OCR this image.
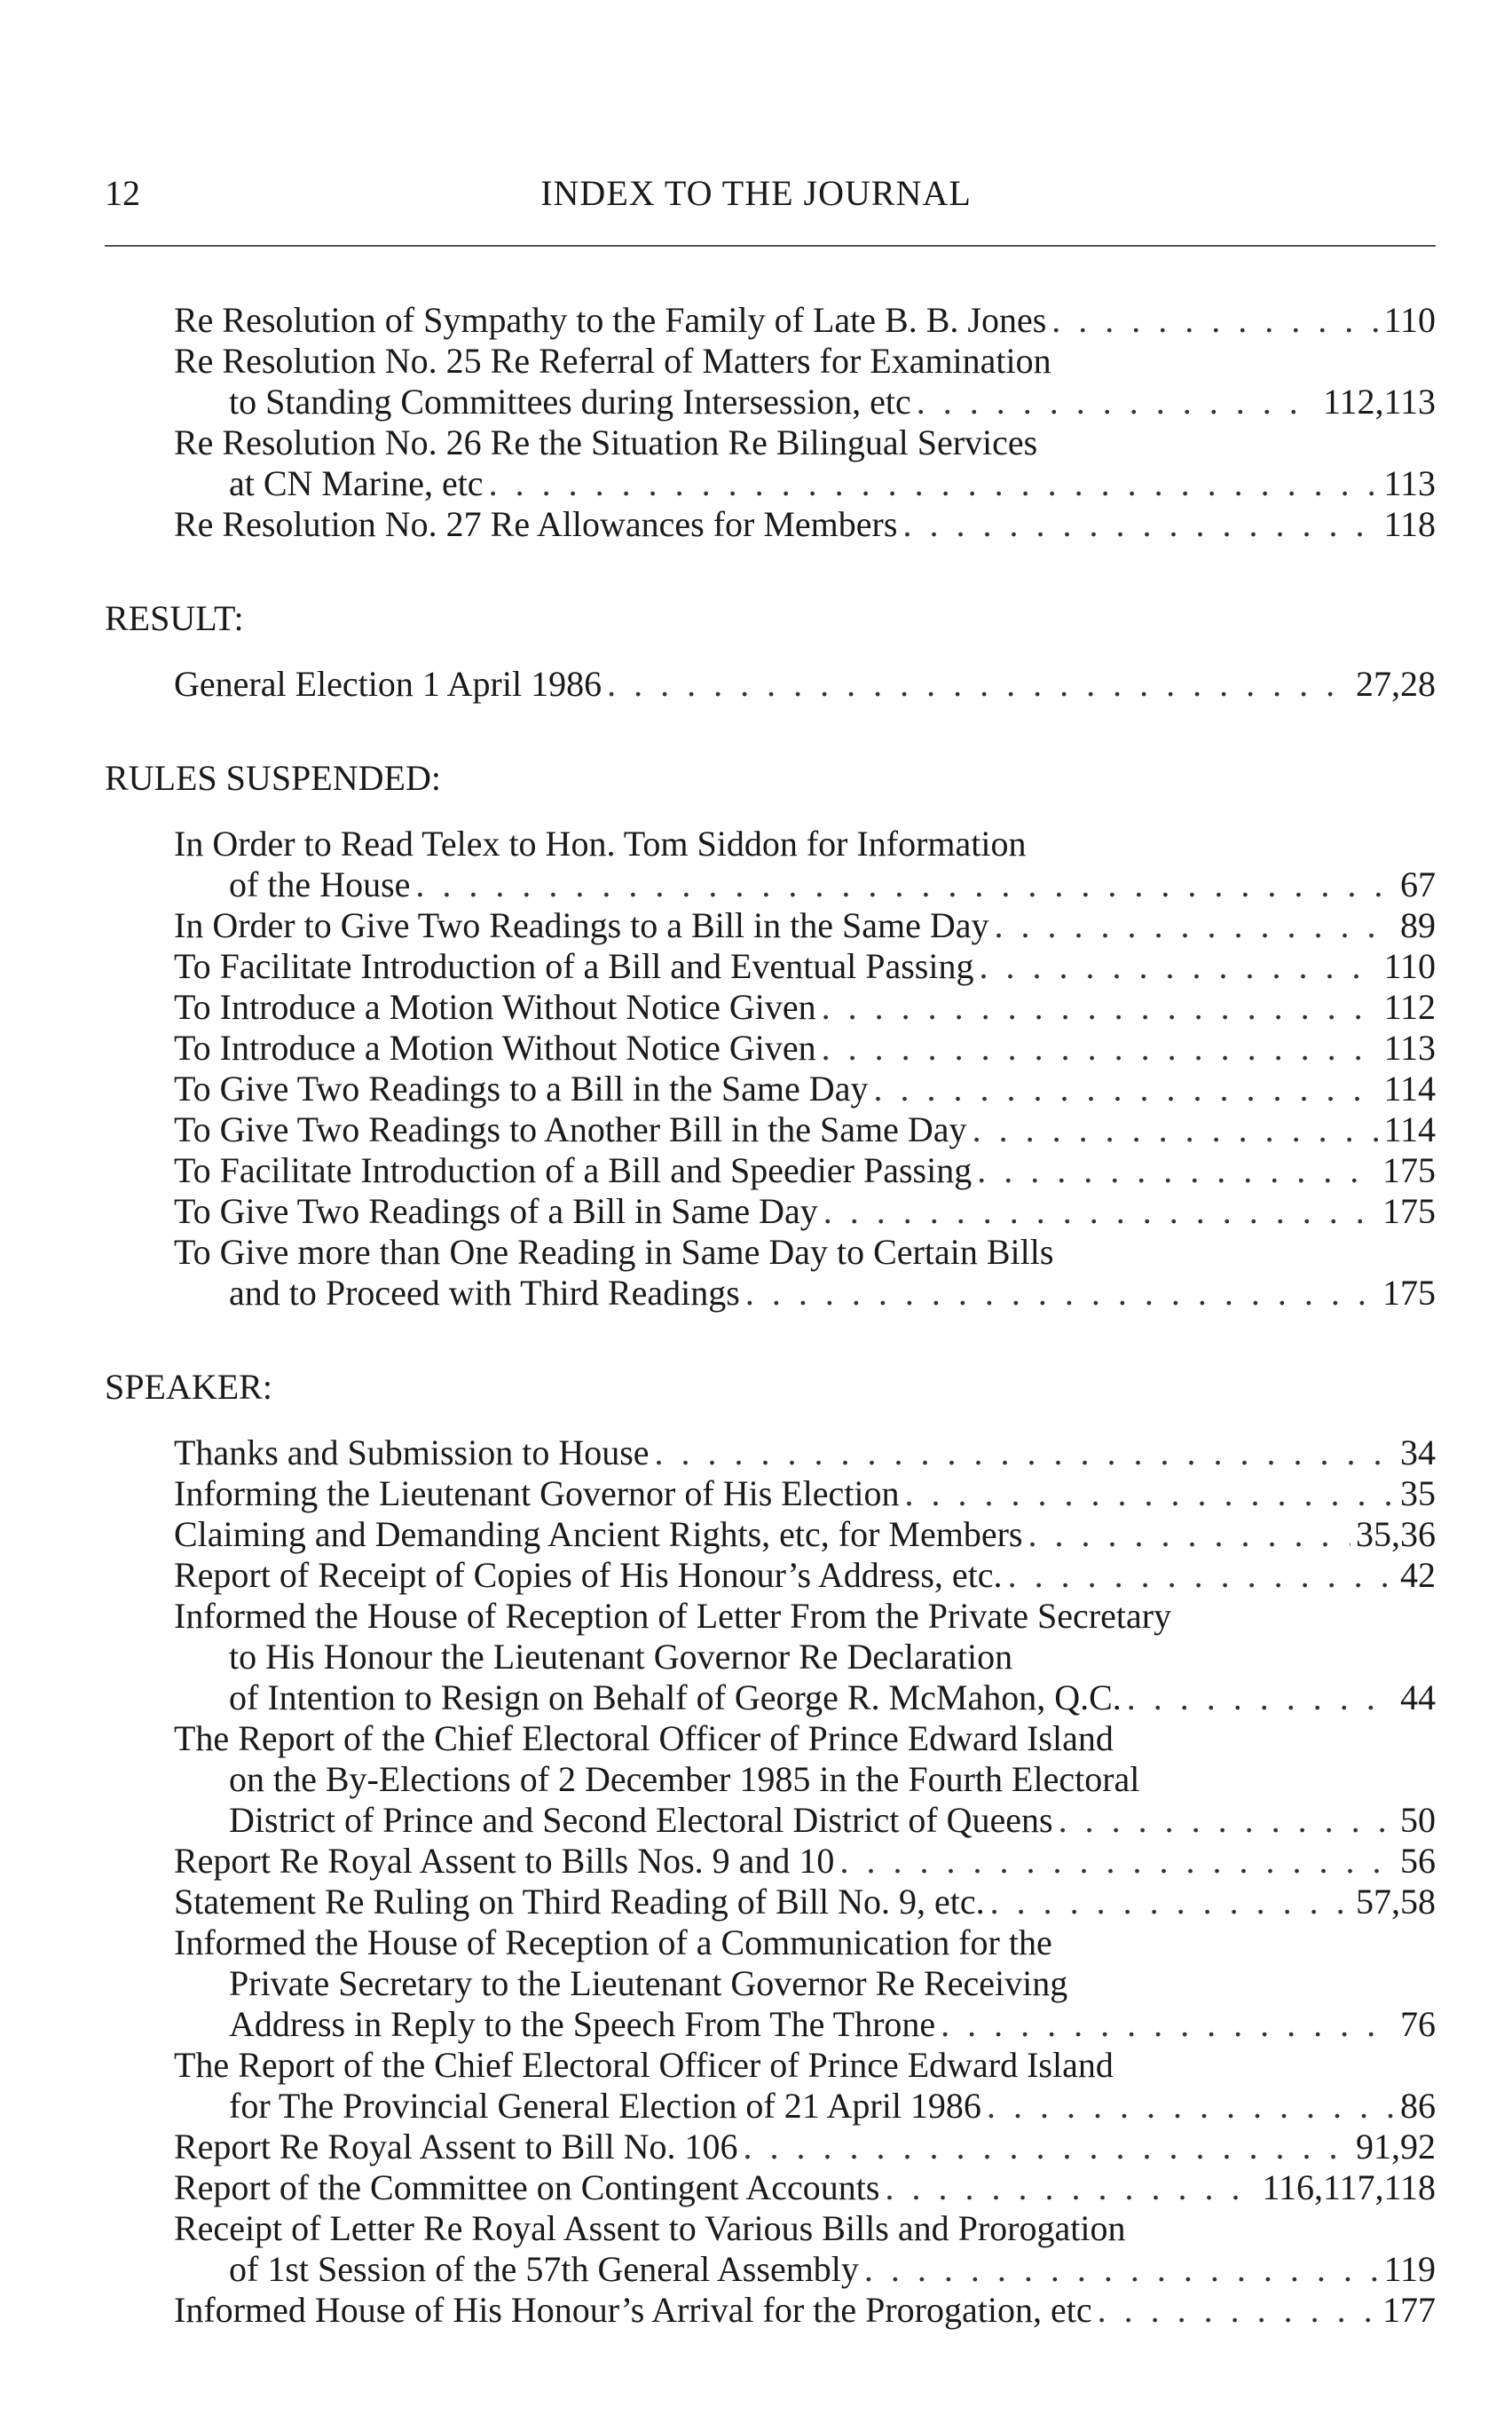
INDEX TO THE JOURNAL
12
Re Resolution of Sympathy to the Family of Late B. B. Jones . . .	110
Re Resolution No. 25 Re Referral of Matters for Examination
to Standing Committees during Intersession, etc . . .	112,113
Re Resolution No. 26 Re the Situation Re Bilingual Services
at CN Marine, etc . . .	113
Re Resolution No. 27 Re Allowances for Members . . .	118
RESULT:
General Election 1 April 1986 . . .	27,28
RULES SUSPENDED:
In Order to Read Telex to Hon. Tom Siddon for Information
of the House . . .	67
In Order to Give Two Readings to a Bill in the Same Day . . .	89
To Facilitate Introduction of a Bill and Eventual Passing . . .	110
To Introduce a Motion Without Notice Given . . .	112
To Introduce a Motion Without Notice Given . . .	113
To Give Two Readings to a Bill in the Same Day . . .	114
To Give Two Readings to Another Bill in the Same Day . . .	114
To Facilitate Introduction of a Bill and Speedier Passing . . .	175
To Give Two Readings of a Bill in Same Day . . .	175
To Give more than One Reading in Same Day to Certain Bills
and to Proceed with Third Readings . . .	175
SPEAKER:
Thanks and Submission to House . . .	34
Informing the Lieutenant Governor of His Election . . .	35
Claiming and Demanding Ancient Rights, etc, for Members . . .	35,36
Report of Receipt of Copies of His Honour’s Address, etc. . . .	42
Informed the House of Reception of Letter From the Private Secretary
to His Honour the Lieutenant Governor Re Declaration
of Intention to Resign on Behalf of George R. McMahon, Q.C. . . .	44
The Report of the Chief Electoral Officer of Prince Edward Island
on the By-Elections of 2 December 1985 in the Fourth Electoral
District of Prince and Second Electoral District of Queens . . .	50
Report Re Royal Assent to Bills Nos. 9 and 10 . . .	56
Statement Re Ruling on Third Reading of Bill No. 9, etc. . . .	57,58
Informed the House of Reception of a Communication for the
Private Secretary to the Lieutenant Governor Re Receiving
Address in Reply to the Speech From The Throne . . .	76
The Report of the Chief Electoral Officer of Prince Edward Island
for The Provincial General Election of 21 April 1986 . . .	86
Report Re Royal Assent to Bill No. 106 . . .	91,92
Report of the Committee on Contingent Accounts . . .	116,117,118
Receipt of Letter Re Royal Assent to Various Bills and Prorogation
of 1st Session of the 57th General Assembly . . .	119
Informed House of His Honour’s Arrival for the Prorogation, etc . . .	177
